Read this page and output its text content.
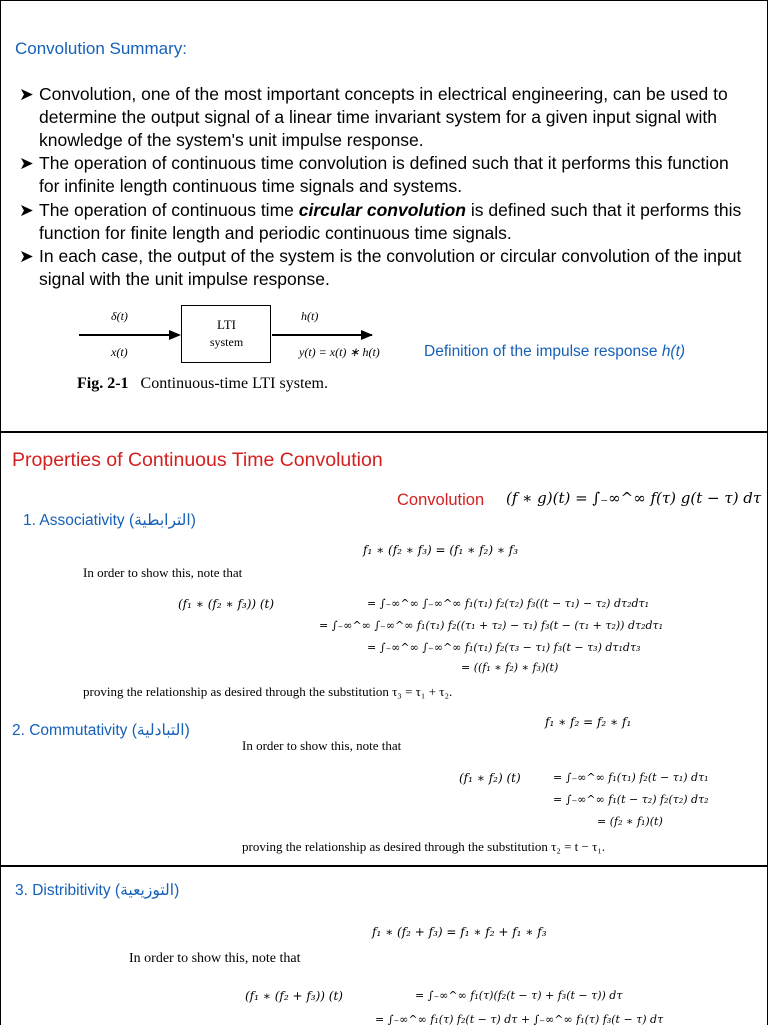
Convolution Summary:
➤ Convolution, one of the most important concepts in electrical engineering, can be used to determine the output signal of a linear time invariant system for a given input signal with knowledge of the system's unit impulse response.
➤ The operation of continuous time convolution is defined such that it performs this function for infinite length continuous time signals and systems.
➤ The operation of continuous time circular convolution is defined such that it performs this function for finite length and periodic continuous time signals.
➤ In each case, the output of the system is the convolution or circular convolution of the input signal with the unit impulse response.
δ(t)
x(t)
LTI
system
h(t)
y(t) = x(t) ∗ h(t)
Fig. 2-1 Continuous-time LTI system.
Definition of the impulse response h(t)
Properties of Continuous Time Convolution
Convolution (f ∗ g)(t) = ∫₋∞^∞ f(τ) g(t − τ) dτ
1. Associativity (الترابطية)
f₁ ∗ (f₂ ∗ f₃) = (f₁ ∗ f₂) ∗ f₃
In order to show this, note that
(f₁ ∗ (f₂ ∗ f₃)) (t)	= ∫₋∞^∞ ∫₋∞^∞ f₁(τ₁) f₂(τ₂) f₃((t − τ₁) − τ₂) dτ₂dτ₁
= ∫₋∞^∞ ∫₋∞^∞ f₁(τ₁) f₂((τ₁ + τ₂) − τ₁) f₃(t − (τ₁ + τ₂)) dτ₂dτ₁
= ∫₋∞^∞ ∫₋∞^∞ f₁(τ₁) f₂(τ₃ − τ₁) f₃(t − τ₃) dτ₁dτ₃
= ((f₁ ∗ f₂) ∗ f₃)(t)
proving the relationship as desired through the substitution τ₃ = τ₁ + τ₂.
2. Commutativity (التبادلية)	f₁ ∗ f₂ = f₂ ∗ f₁
In order to show this, note that
(f₁ ∗ f₂) (t)	= ∫₋∞^∞ f₁(τ₁) f₂(t − τ₁) dτ₁
= ∫₋∞^∞ f₁(t − τ₂) f₂(τ₂) dτ₂
= (f₂ ∗ f₁)(t)
proving the relationship as desired through the substitution τ₂ = t − τ₁.
3. Distribitivity (التوزيعية)
f₁ ∗ (f₂ + f₃) = f₁ ∗ f₂ + f₁ ∗ f₃
In order to show this, note that
(f₁ ∗ (f₂ + f₃)) (t)	= ∫₋∞^∞ f₁(τ)(f₂(t − τ) + f₃(t − τ)) dτ
= ∫₋∞^∞ f₁(τ) f₂(t − τ) dτ + ∫₋∞^∞ f₁(τ) f₃(t − τ) dτ
